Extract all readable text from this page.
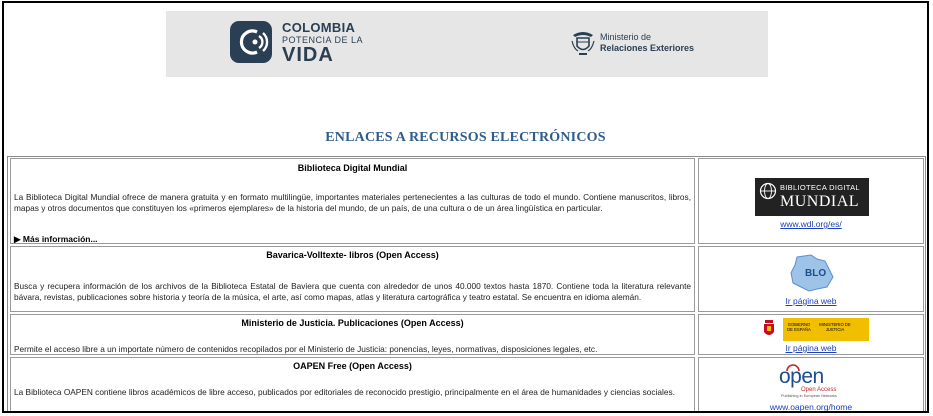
COLOMBIA
POTENCIA DE LA
VIDA
Ministerio de
Relaciones Exteriores
ENLACES A RECURSOS ELECTRÓNICOS
Biblioteca Digital Mundial
La Biblioteca Digital Mundial ofrece de manera gratuita y en formato multilingüe, importantes materiales pertenecientes a las culturas de todo el mundo. Contiene manuscritos, libros, mapas y otros documentos que constituyen los «primeros ejemplares» de la historia del mundo, de un país, de una cultura o de un área lingüística en particular.
▶ Más información...
BIBLIOTECA DIGITAL
MUNDIAL
www.wdl.org/es/
Bavarica-Volltexte- libros (Open Access)
Busca y recupera información de los archivos de la Biblioteca Estatal de Baviera que cuenta con alrededor de unos 40.000 textos hasta 1870. Contiene toda la literatura relevante bávara, revistas, publicaciones sobre historia y teoría de la música, el arte, así como mapas, atlas y literatura cartográfica y teatro estatal. Se encuentra en idioma alemán.
BLO
Ir página web
Ministerio de Justicia. Publicaciones (Open Access)
Permite el acceso libre a un importate número de contenidos recopilados por el Ministerio de Justicia: ponencias, leyes, normativas, disposiciones legales, etc.
GOBIERNO DE ESPAÑA
MINISTERIO DE JUSTICIA
Ir página web
OAPEN Free (Open Access)
La Biblioteca OAPEN contiene libros académicos de libre acceso, publicados por editoriales de reconocido prestigio, principalmente en el área de humanidades y ciencias sociales.
open
Open Access
Publishing in European Networks
www.oapen.org/home
